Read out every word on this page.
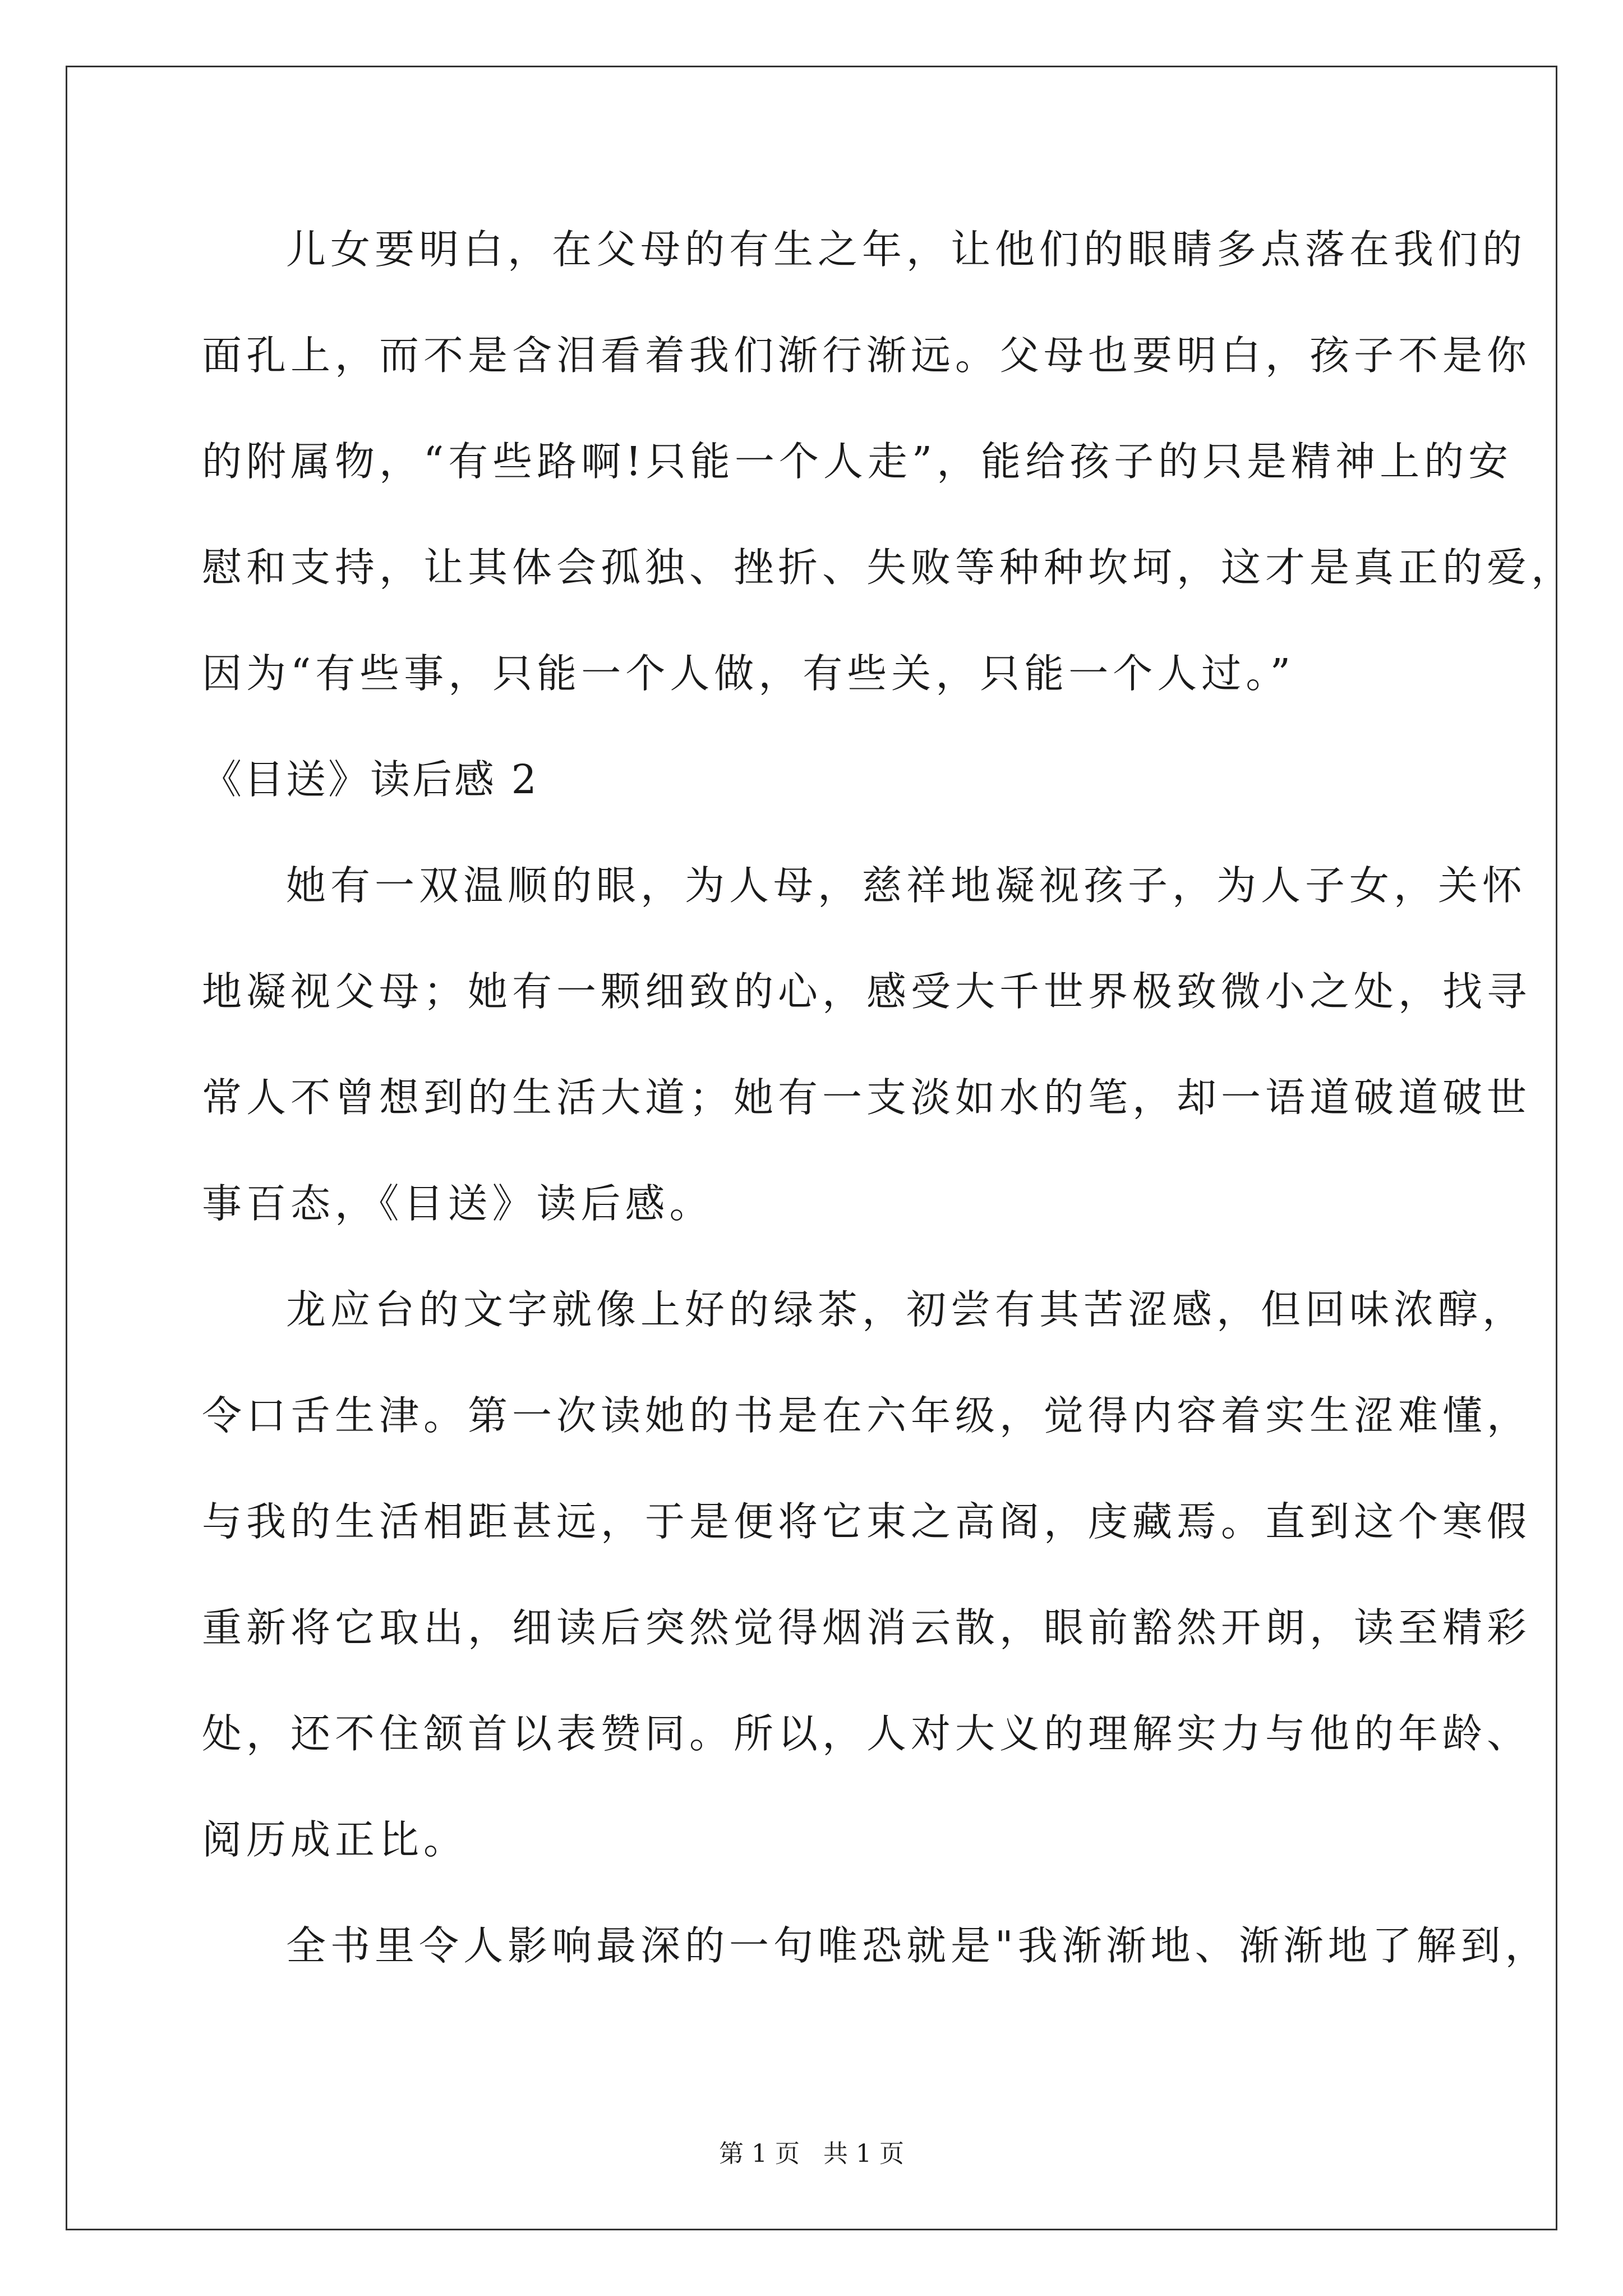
儿女要明白，在父母的有生之年，让他们的眼睛多点落在我们的
面孔上，而不是含泪看着我们渐行渐远。父母也要明白，孩子不是你
的附属物，“有些路啊!只能一个人走”，能给孩子的只是精神上的安
慰和支持，让其体会孤独、挫折、失败等种种坎坷，这才是真正的爱，
因为“有些事，只能一个人做，有些关，只能一个人过。”
《目送》读后感 2
她有一双温顺的眼，为人母，慈祥地凝视孩子，为人子女，关怀
地凝视父母；她有一颗细致的心，感受大千世界极致微小之处，找寻
常人不曾想到的生活大道；她有一支淡如水的笔，却一语道破道破世
事百态，《目送》读后感。
龙应台的文字就像上好的绿茶，初尝有其苦涩感，但回味浓醇，
令口舌生津。第一次读她的书是在六年级，觉得内容着实生涩难懂，
与我的生活相距甚远，于是便将它束之高阁，庋藏焉。直到这个寒假
重新将它取出，细读后突然觉得烟消云散，眼前豁然开朗，读至精彩
处，还不住颔首以表赞同。所以，人对大义的理解实力与他的年龄、
阅历成正比。
全书里令人影响最深的一句唯恐就是"我渐渐地、渐渐地了解到，
第 1 页 共 1 页
